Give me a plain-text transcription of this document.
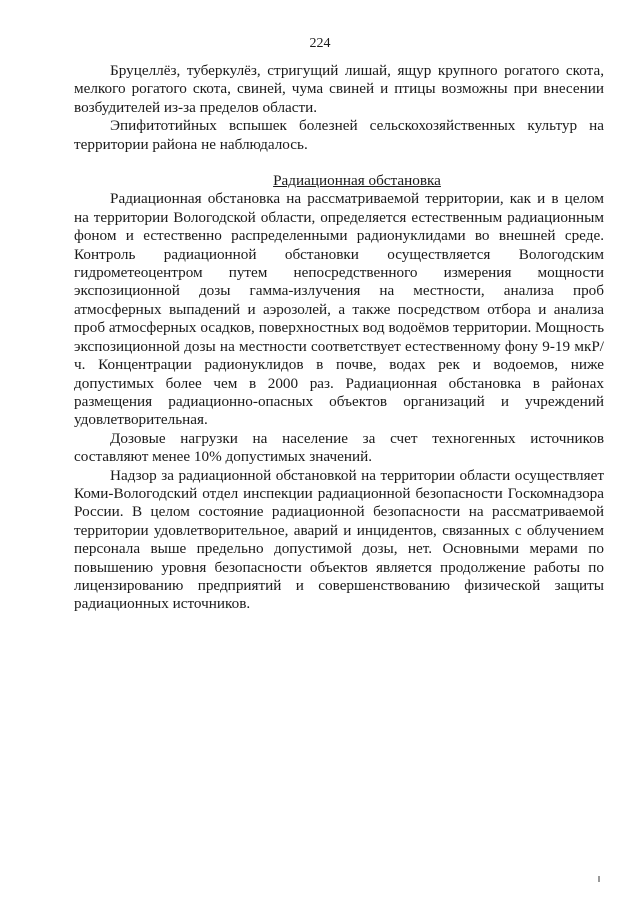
224

Бруцеллёз, туберкулёз, стригущий лишай, ящур крупного рогатого скота, мелкого рогатого скота, свиней, чума свиней и птицы возможны при внесении возбудителей из-за пределов области.

Эпифитотийных вспышек болезней сельскохозяйственных культур на территории района не наблюдалось.

Радиационная обстановка

Радиационная обстановка на рассматриваемой территории, как и в целом на территории Вологодской области, определяется естественным радиационным фоном и естественно распределенными радионуклидами во внешней среде. Контроль радиационной обстановки осуществляется Вологодским гидрометеоцентром путем непосредственного измерения мощности экспозиционной дозы гамма-излучения на местности, анализа проб атмосферных выпадений и аэрозолей, а также посредством отбора и анализа проб атмосферных осадков, поверхностных вод водоёмов территории. Мощность экспозиционной дозы на местности соответствует естественному фону 9-19 мкР/ч. Концентрации радионуклидов в почве, водах рек и водоемов, ниже допустимых более чем в 2000 раз. Радиационная обстановка в районах размещения радиационно-опасных объектов организаций и учреждений удовлетворительная.

Дозовые нагрузки на население за счет техногенных источников составляют менее 10% допустимых значений.

Надзор за радиационной обстановкой на территории области осуществляет Коми-Вологодский отдел инспекции радиационной безопасности Госкомнадзора России. В целом состояние радиационной безопасности на рассматриваемой территории удовлетворительное, аварий и инцидентов, связанных с облучением персонала выше предельно допустимой дозы, нет. Основными мерами по повышению уровня безопасности объектов является продолжение работы по лицензированию предприятий и совершенствованию физической защиты радиационных источников.
